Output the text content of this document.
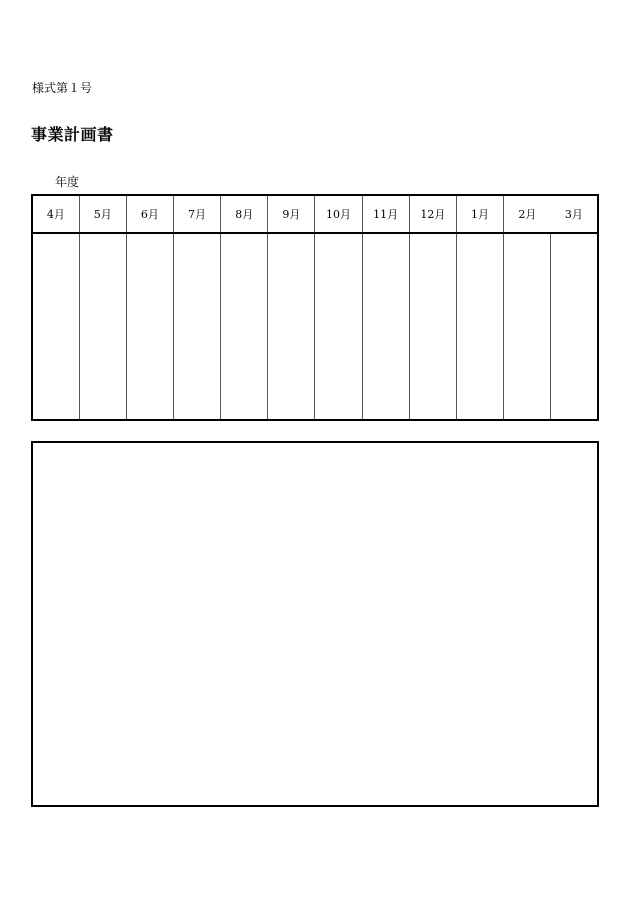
様式第１号
事業計画書
年度
4月	5月	6月	7月	8月	9月	10月	11月	12月	1月	2月	3月
